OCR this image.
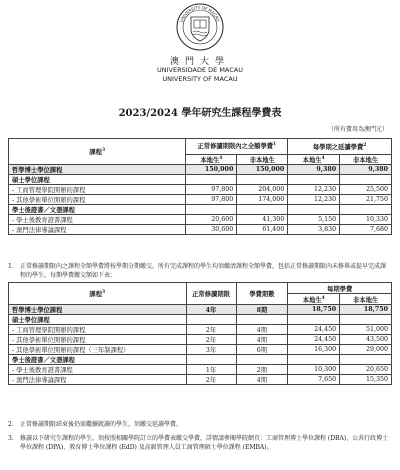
UNIVERSITY OF MACAU
澳門大學
UNIVERSIDADE DE MACAU
UNIVERSITY OF MACAU
2023/2024 學年研究生課程學費表
（所有費用為澳門元）
課程$^3$	正常修讀期限內之全額學費$^1$		每學期之延讀學費$^2$
	本地生$^4$	非本地生	本地生$^4$	非本地生
哲學博士學位課程	150,000	150,000	9,380	9,380
碩士學位課程				
- 工商管理學院開辦的課程	97,800	204,000	12,230	25,500
- 其他學術單位開辦的課程	97,800	174,000	12,230	21,750
學士後證書／文憑課程				
- 學士後教育證書課程	20,600	41,300	5,150	10,330
- 澳門法律導論課程	30,600	61,400	3,830	7,680
1. 正常修讀期限內之課程全額學費將按學期分期繳交。所有完成課程的學生均須繳清課程全額學費，包括正常修讀期限內未修畢或提早完成課程的學生。每期學費繳交額如下表：
課程$^3$	正常修讀期限	學費期數	每期學費	
			本地生$^4$	非本地生
哲學博士學位課程	4年	8期	18,750	18,750
碩士學位課程				
- 工商管理學院開辦的課程	2年	4期	24,450	51,000
- 其他學術單位開辦的課程	2年	4期	24,450	43,500
- 其他學術單位開辦的課程（三年制課程）	3年	6期	16,300	29,000
學士後證書／文憑課程				
- 學士後教育證書課程	1年	2期	10,300	20,650
- 澳門法律導論課程	2年	4期	7,650	15,350
2. 正常修讀期限結束後仍需繼續就讀的學生，須繳交延讀學費。
3. 修讀以下研究生課程的學生，須按照相關學院訂立的學費表繳交學費，詳情請參閱學院網頁：工商管理博士學位課程 (DBA)、公共行政博士學位課程 (DPA)、教育博士學位課程 (EdD) 及高級管理人員工商管理碩士學位課程 (EMBA)。
